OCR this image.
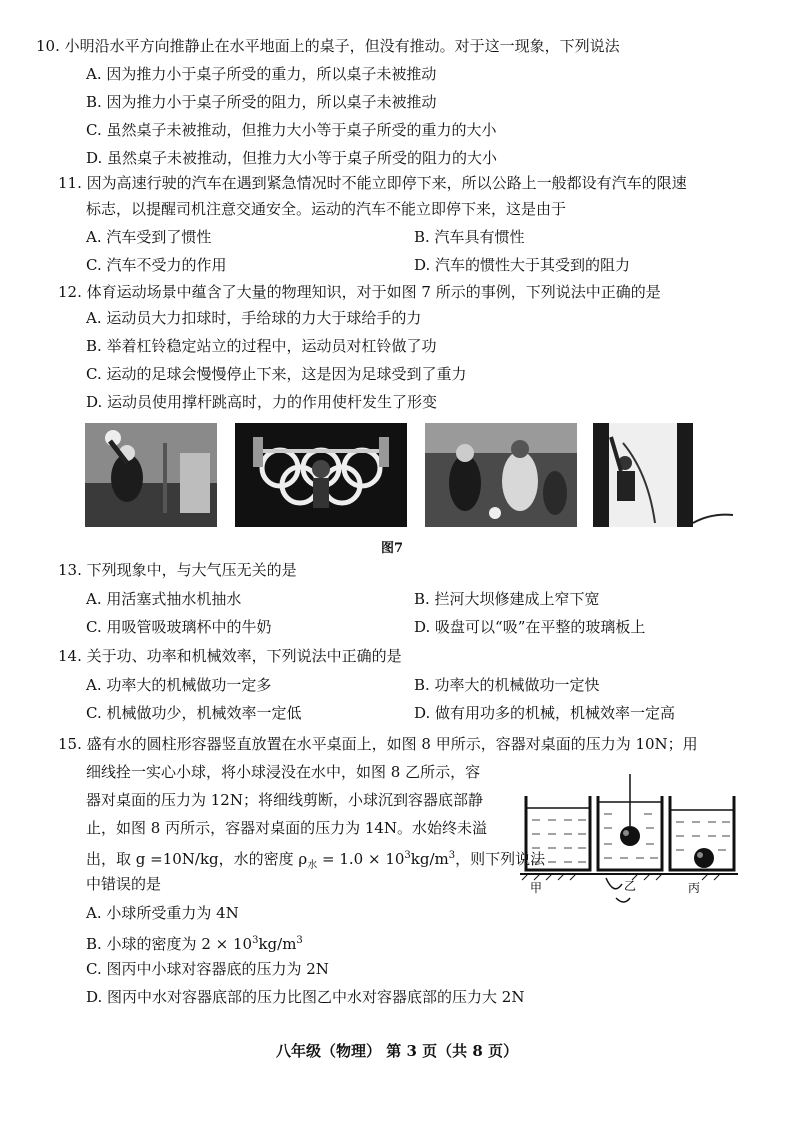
10. 小明沿水平方向推静止在水平地面上的桌子，但没有推动。对于这一现象，下列说法
A. 因为推力小于桌子所受的重力，所以桌子未被推动
B. 因为推力小于桌子所受的阻力，所以桌子未被推动
C. 虽然桌子未被推动，但推力大小等于桌子所受的重力的大小
D. 虽然桌子未被推动，但推力大小等于桌子所受的阻力的大小
11. 因为高速行驶的汽车在遇到紧急情况时不能立即停下来，所以公路上一般都设有汽车的限速
标志，以提醒司机注意交通安全。运动的汽车不能立即停下来，这是由于
A. 汽车受到了惯性	B. 汽车具有惯性
C. 汽车不受力的作用	D. 汽车的惯性大于其受到的阻力
12. 体育运动场景中蕴含了大量的物理知识，对于如图 7 所示的事例，下列说法中正确的是
A. 运动员大力扣球时，手给球的力大于球给手的力
B. 举着杠铃稳定站立的过程中，运动员对杠铃做了功
C. 运动的足球会慢慢停止下来，这是因为足球受到了重力
D. 运动员使用撑杆跳高时，力的作用使杆发生了形变
图7
13. 下列现象中，与大气压无关的是
A. 用活塞式抽水机抽水	B. 拦河大坝修建成上窄下宽
C. 用吸管吸玻璃杯中的牛奶	D. 吸盘可以“吸”在平整的玻璃板上
14. 关于功、功率和机械效率，下列说法中正确的是
A. 功率大的机械做功一定多	B. 功率大的机械做功一定快
C. 机械做功少，机械效率一定低	D. 做有用功多的机械，机械效率一定高
15. 盛有水的圆柱形容器竖直放置在水平桌面上，如图 8 甲所示，容器对桌面的压力为 10N；用
细线拴一实心小球，将小球浸没在水中，如图 8 乙所示，容
器对桌面的压力为 12N；将细线剪断，小球沉到容器底部静
止，如图 8 丙所示，容器对桌面的压力为 14N。水始终未溢
出，取 g =10N/kg，水的密度 $\rho_水 = 1.0 \times 10^3kg/m^3$，则下列说法
中错误的是
A. 小球所受重力为 4N
B. 小球的密度为 $2 \times 10^3kg/m^3$
C. 图丙中小球对容器底的压力为 2N
D. 图丙中水对容器底部的压力比图乙中水对容器底部的压力大 2N
甲	乙	丙
八年级（物理） 第 3 页（共 8 页）
